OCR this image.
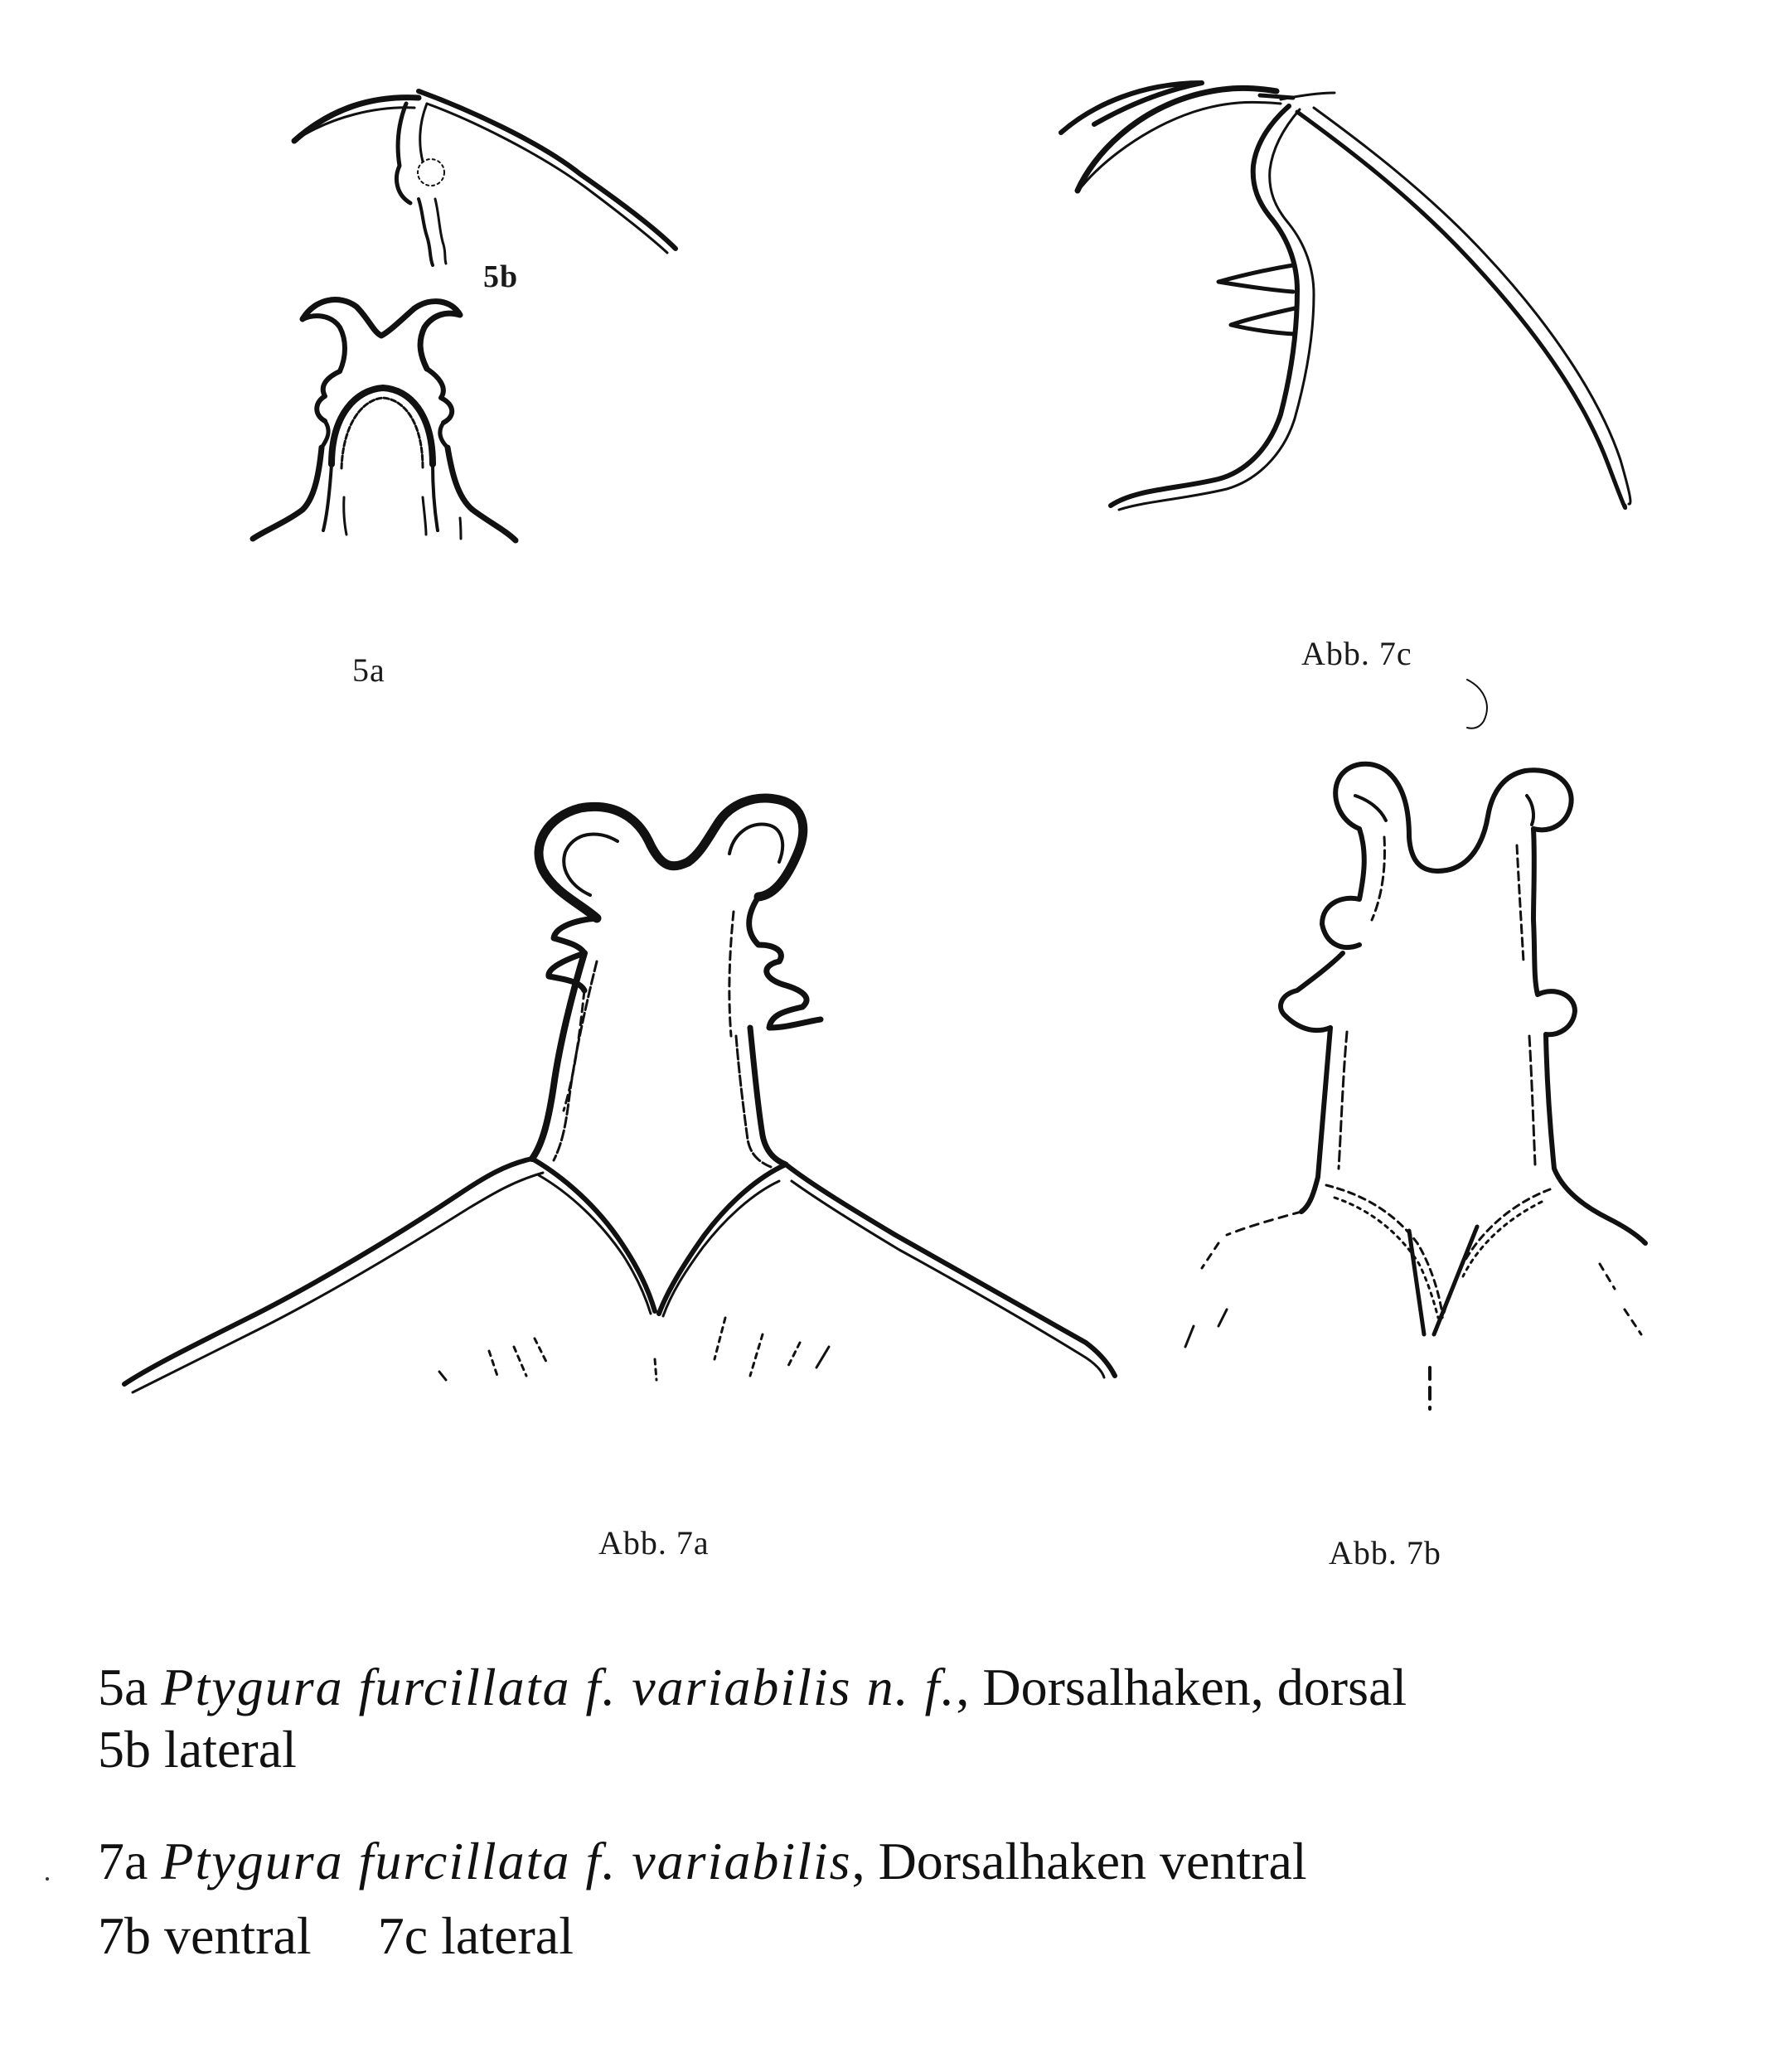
5b
5a	Abb. 7c
Abb. 7a	Abb. 7b
5a Ptygura furcillata f. variabilis n. f., Dorsalhaken, dorsal
5b lateral
7a Ptygura furcillata f. variabilis, Dorsalhaken ventral
7b ventral 7c lateral
